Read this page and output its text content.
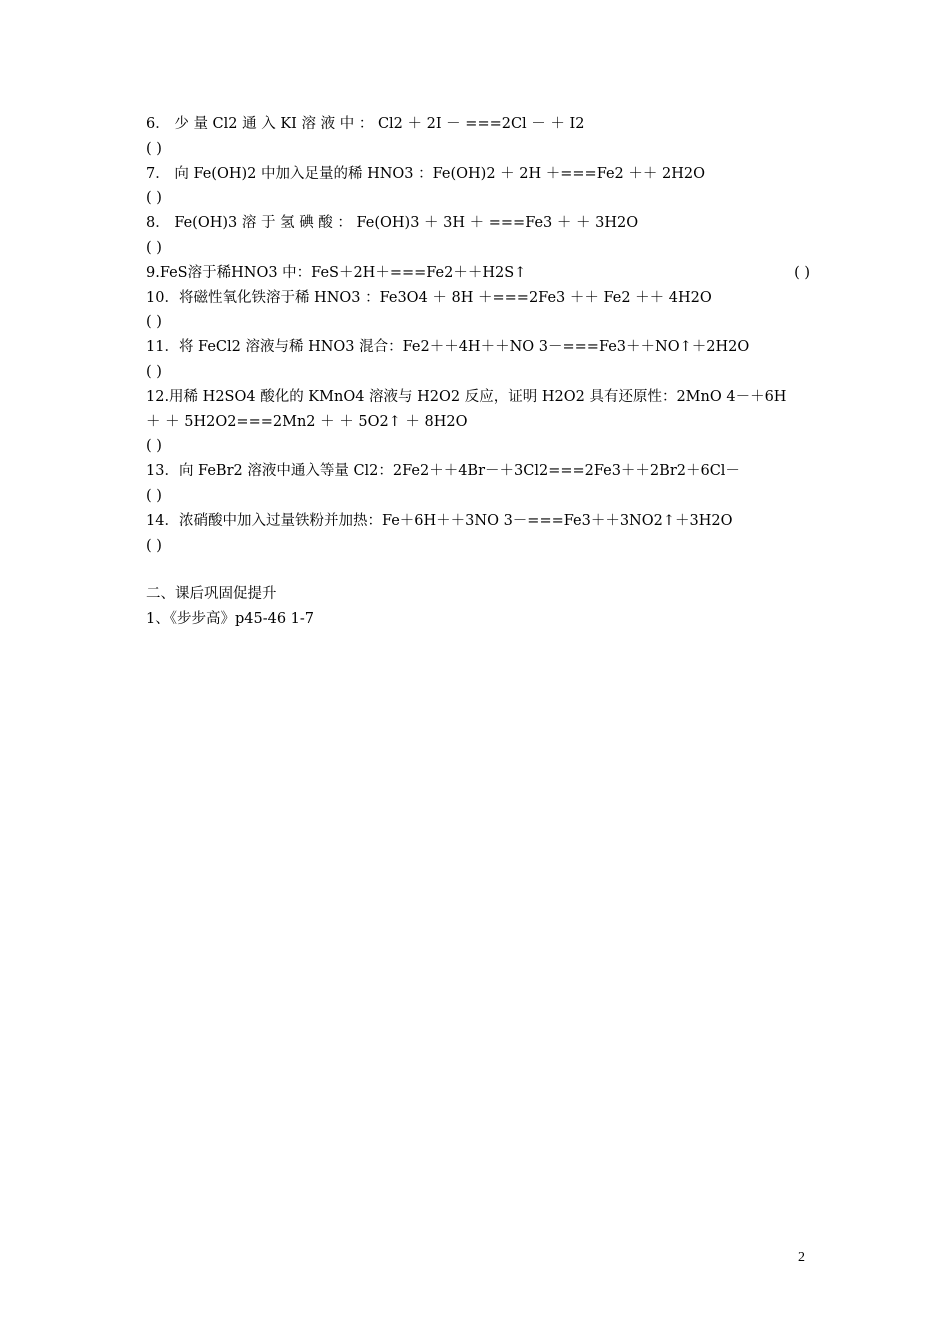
6． 少 量 Cl2 通 入 KI 溶 液 中 ： Cl2 ＋ 2I － ===2Cl － ＋ I2
( )
7． 向 Fe(OH)2 中加入足量的稀 HNO3 ：Fe(OH)2 ＋ 2H ＋===Fe2 ＋＋ 2H2O
( )
8． Fe(OH)3 溶 于 氢 碘 酸 ： Fe(OH)3 ＋ 3H ＋ ===Fe3 ＋ ＋ 3H2O
( )
9.FeS溶于稀HNO3 中：FeS＋2H＋===Fe2＋＋H2S↑	( )
10．将磁性氧化铁溶于稀 HNO3 ：Fe3O4 ＋ 8H ＋===2Fe3 ＋＋ Fe2 ＋＋ 4H2O
( )
11．将 FeCl2 溶液与稀 HNO3 混合：Fe2＋＋4H＋＋NO 3－===Fe3＋＋NO↑＋2H2O
( )
12.用稀 H2SO4 酸化的 KMnO4 溶液与 H2O2 反应，证明 H2O2 具有还原性：2MnO 4－＋6H
＋ ＋ 5H2O2===2Mn2 ＋ ＋ 5O2↑ ＋ 8H2O
( )
13．向 FeBr2 溶液中通入等量 Cl2：2Fe2＋＋4Br－＋3Cl2===2Fe3＋＋2Br2＋6Cl－
( )
14．浓硝酸中加入过量铁粉并加热：Fe＋6H＋＋3NO 3－===Fe3＋＋3NO2↑＋3H2O
( )
二、课后巩固促提升
1、《步步高》p45-46 1-7
2
